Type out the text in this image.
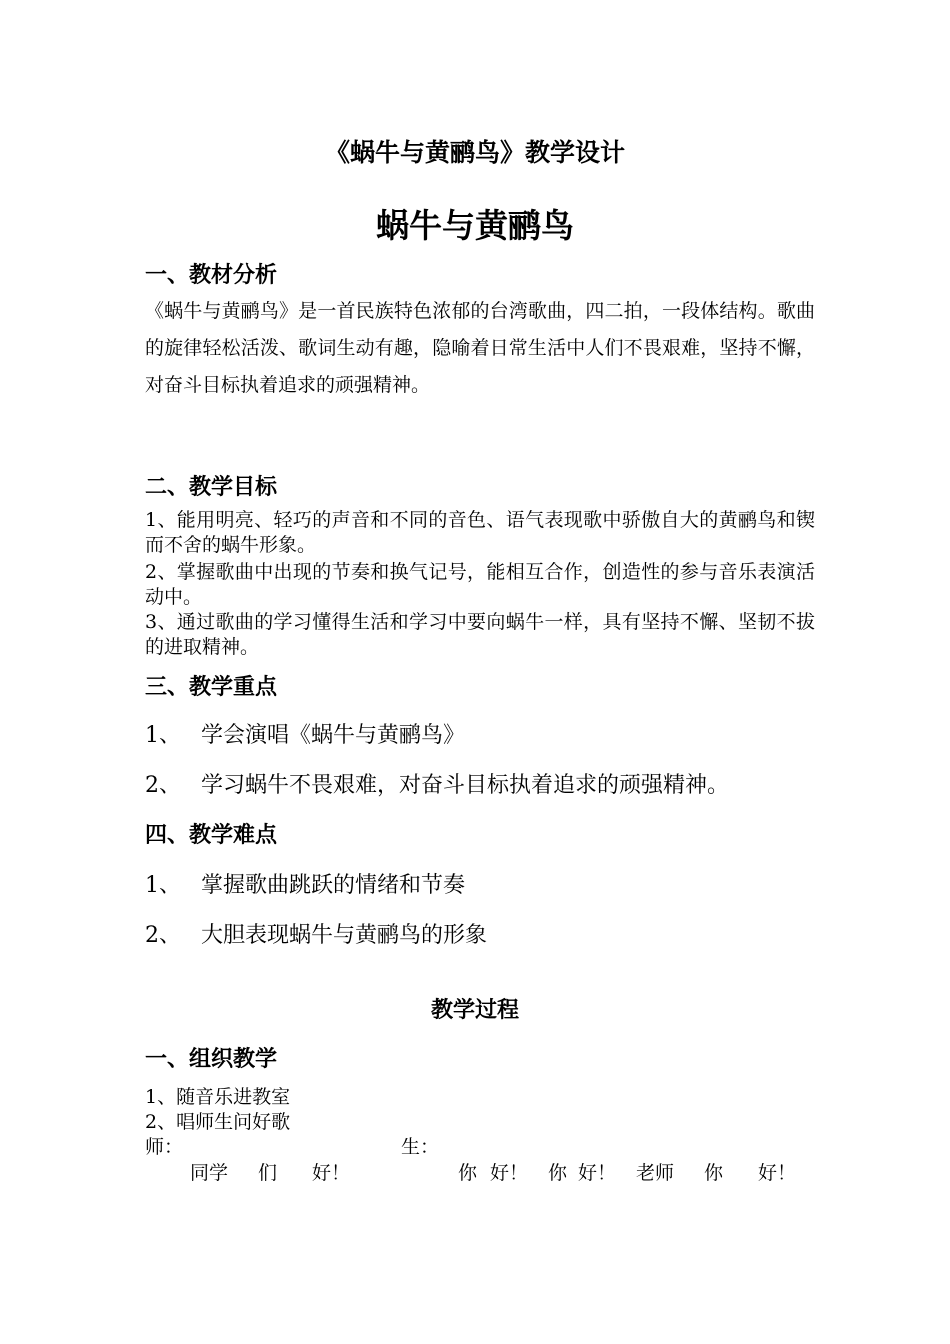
《蜗牛与黄鹂鸟》教学设计
蜗牛与黄鹂鸟
一、教材分析
《蜗牛与黄鹂鸟》是一首民族特色浓郁的台湾歌曲，四二拍，一段体结构。歌曲的旋律轻松活泼、歌词生动有趣，隐喻着日常生活中人们不畏艰难，坚持不懈，对奋斗目标执着追求的顽强精神。
二、教学目标
1、能用明亮、轻巧的声音和不同的音色、语气表现歌中骄傲自大的黄鹂鸟和锲而不舍的蜗牛形象。
2、掌握歌曲中出现的节奏和换气记号，能相互合作，创造性的参与音乐表演活动中。
3、通过歌曲的学习懂得生活和学习中要向蜗牛一样，具有坚持不懈、坚韧不拔的进取精神。
三、教学重点
1、 学会演唱《蜗牛与黄鹂鸟》
2、 学习蜗牛不畏艰难，对奋斗目标执着追求的顽强精神。
四、教学难点
1、 掌握歌曲跳跃的情绪和节奏
2、 大胆表现蜗牛与黄鹂鸟的形象
教学过程
一、组织教学
1、随音乐进教室
2、唱师生问好歌
师：	生：
同学 们 好！	你 好！ 你 好！ 老师 你 好！
